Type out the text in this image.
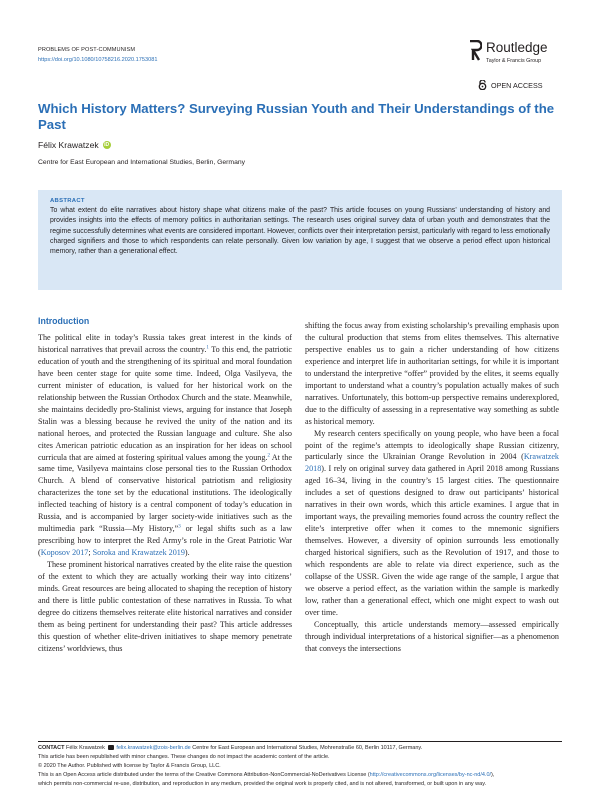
PROBLEMS OF POST-COMMUNISM
https://doi.org/10.1080/10758216.2020.1753081
Routledge
Taylor & Francis Group
OPEN ACCESS
Which History Matters? Surveying Russian Youth and Their Understandings of the Past
Félix Krawatzek	iD
Centre for East European and International Studies, Berlin, Germany

ABSTRACT

To what extent do elite narratives about history shape what citizens make of the past? This article focuses on young Russians’ understanding of history and provides insights into the effects of memory politics in authoritarian settings. The research uses original survey data of urban youth and demonstrates that the regime successfully determines what events are considered important. However, conflicts over their interpretation persist, particularly with regard to less emotionally charged signifiers and those to which respondents can relate personally. Given low variation by age, I suggest that we observe a period effect upon historical memory, rather than a generational effect.

Introduction

The political elite in today’s Russia takes great interest in the kinds of historical narratives that prevail across the country.$^1$ To this end, the patriotic education of youth and the strengthening of its spiritual and moral foundation have been center stage for quite some time. Indeed, Olga Vasilyeva, the current minister of education, is valued for her historical work on the relationship between the Russian Orthodox Church and the state. Meanwhile, she maintains decidedly pro-Stalinist views, arguing for instance that Joseph Stalin was a blessing because he revived the unity of the nation and its national heroes, and protected the Russian language and culture. She also cites American patriotic education as an inspiration for her ideas on school curricula that are aimed at fostering spiritual values among the young.$^2$ At the same time, Vasilyeva maintains close personal ties to the Russian Orthodox Church. A blend of conservative historical patriotism and religiosity characterizes the tone set by the educational institutions. The ideologically inflected teaching of history is a central component of today’s education in Russia, and is accompanied by larger society-wide initiatives such as the multimedia park “Russia—My History,”$^3$ or legal shifts such as a law prescribing how to interpret the Red Army’s role in the Great Patriotic War (Koposov 2017; Soroka and Krawatzek 2019).

These prominent historical narratives created by the elite raise the question of the extent to which they are actually working their way into citizens’ minds. Great resources are being allocated to shaping the reception of history and there is little public contestation of these narratives in Russia. To what degree do citizens themselves reiterate elite historical narratives and consider them as being pertinent for understanding their past? This article addresses this question of whether elite-driven initiatives to shape memory penetrate citizens’ worldviews, thus

shifting the focus away from existing scholarship’s prevailing emphasis upon the cultural production that stems from elites themselves. This alternative perspective enables us to gain a richer understanding of how citizens experience and interpret life in authoritarian settings, for while it is important to understand the interpretive “offer” provided by the elites, it seems equally important to understand what a country’s population actually makes of such narratives. Unfortunately, this bottom-up perspective remains underexplored, due to the difficulty of assessing in a representative way something as subtle as historical memory.

My research centers specifically on young people, who have been a focal point of the regime’s attempts to ideologically shape Russian citizenry, particularly since the Ukrainian Orange Revolution in 2004 (Krawatzek 2018). I rely on original survey data gathered in April 2018 among Russians aged 16–34, living in the country’s 15 largest cities. The questionnaire includes a set of questions designed to draw out participants’ historical narratives in their own words, which this article examines. I argue that in important ways, the prevailing memories found across the country reflect the elite’s interpretive offer when it comes to the mnemonic signifiers themselves. However, a diversity of opinion surrounds less emotionally charged historical signifiers, such as the Revolution of 1917, and those to which respondents are able to relate via direct experience, such as the collapse of the USSR. Given the wide age range of the sample, I argue that we observe a period effect, as the variation within the sample is markedly low, rather than a generational effect, which one might expect to wash out over time.

Conceptually, this article understands memory—assessed empirically through individual interpretations of a historical signifier—as a phenomenon that conveys the intersections

CONTACT Félix Krawatzek felix.krawatzek@zois-berlin.de Centre for East European and International Studies, Mohrenstraße 60, Berlin 10117, Germany.
This article has been republished with minor changes. These changes do not impact the academic content of the article.
© 2020 The Author. Published with license by Taylor & Francis Group, LLC.
This is an Open Access article distributed under the terms of the Creative Commons Attribution-NonCommercial-NoDerivatives License (http://creativecommons.org/licenses/by-nc-nd/4.0/),
which permits non-commercial re-use, distribution, and reproduction in any medium, provided the original work is properly cited, and is not altered, transformed, or built upon in any way.
